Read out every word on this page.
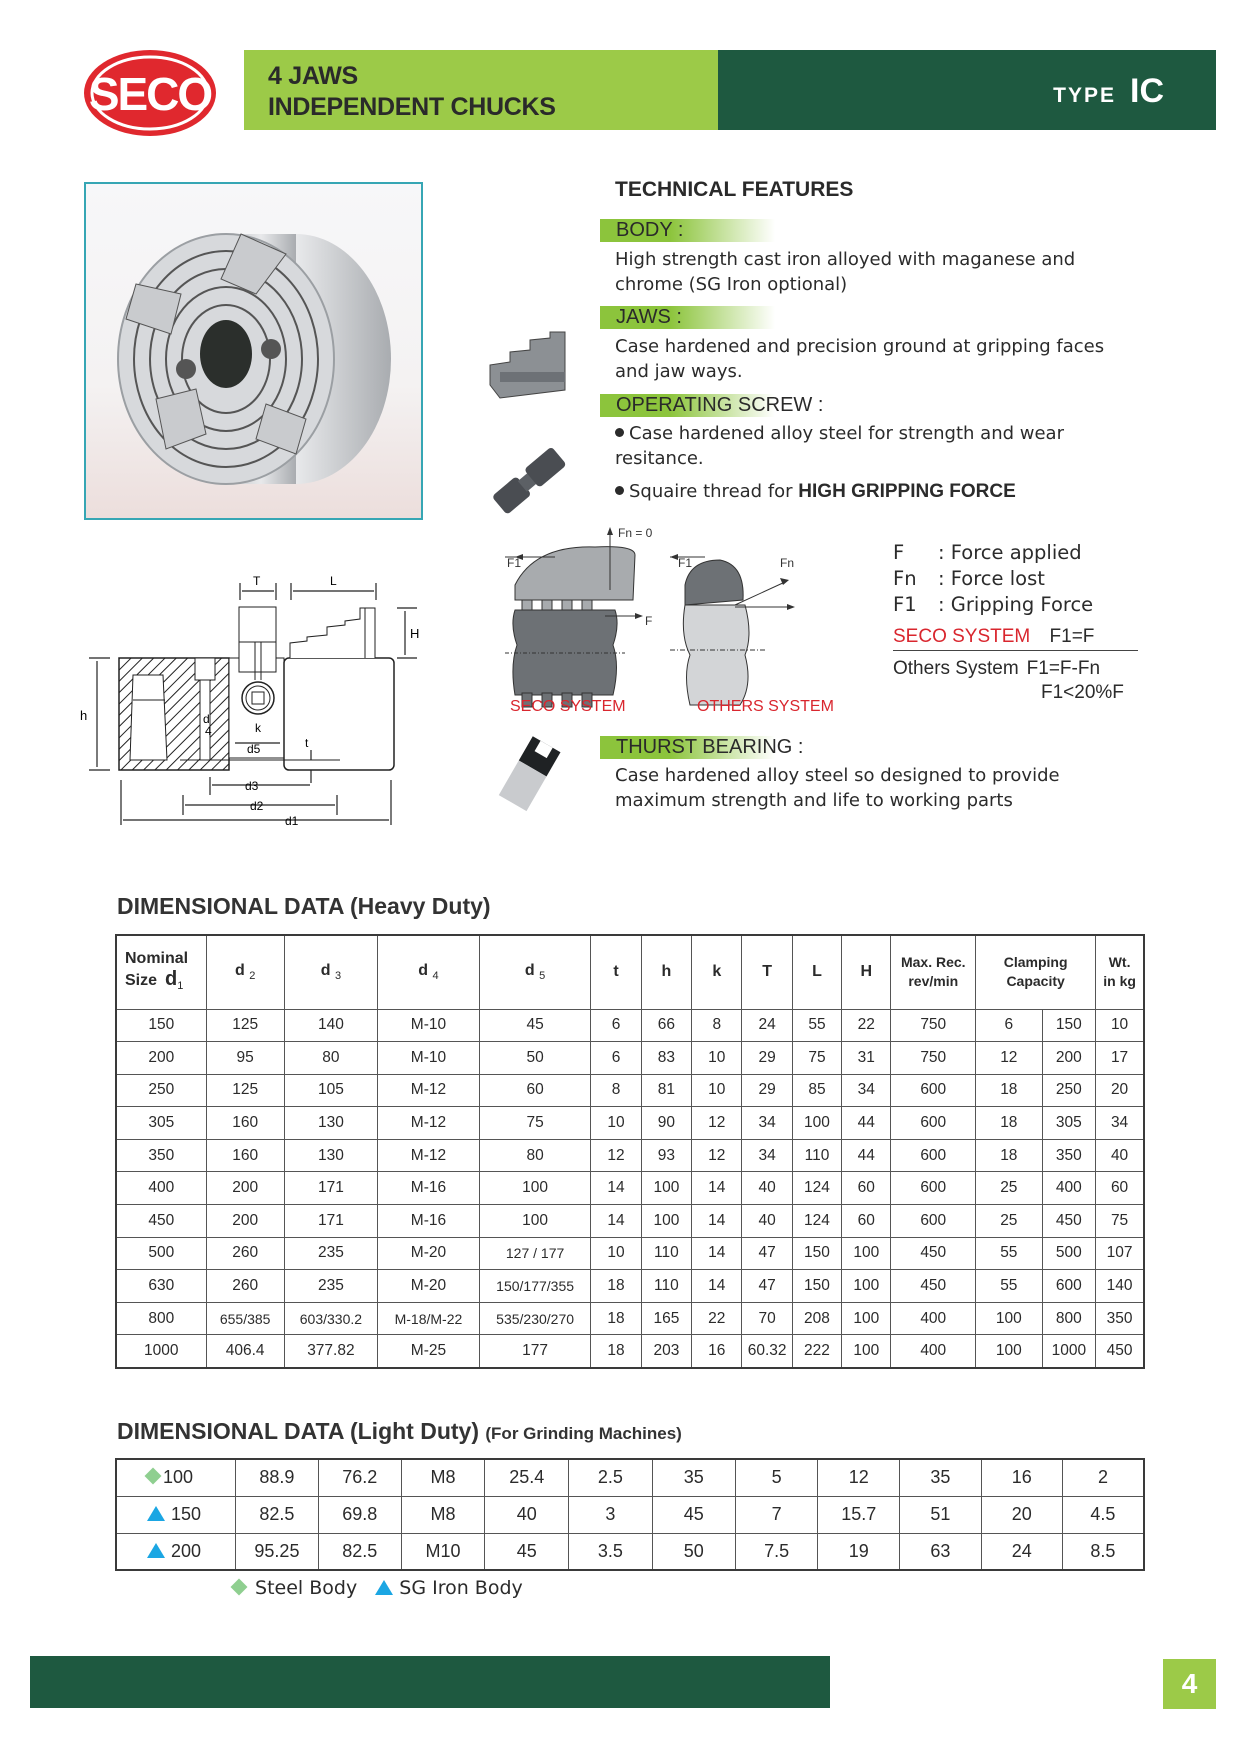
SECO 4 JAWS
INDEPENDENT CHUCKS	TYPE IC
TECHNICAL FEATURES
BODY :
High strength cast iron alloyed with maganese and
chrome (SG Iron optional)
JAWS :
Case hardened and precision ground at gripping faces
and jaw ways.
OPERATING SCREW :
Case hardened alloy steel for strength and wear
resitance.
Squaire thread for HIGH GRIPPING FORCE
F1
Fn = 0
F
F1	Fn
SECO SYSTEM	OTHERS SYSTEM
F	: Force applied
Fn	: Force lost
F1	: Gripping Force
SECO SYSTEM F1=F
Others System F1=F-Fn
F1<20%F
THURST BEARING :
Case hardened alloy steel so designed to provide
maximum strength and life to working parts
T	L
H
h	d
4	k
d5	t
d3
d2
d1
DIMENSIONAL DATA (Heavy Duty)
Nominal
Size $d_1$
	d $_2$	d $_3$	d $_4$	d $_5$	t	h	k	T	L	H	
Max. Rec.
rev/min

Clamping
Capacity

Wt.
in kg

150	125	140	M-10	45	6	66	8	24	55	22	750	6	150	10
200	95	80	M-10	50	6	83	10	29	75	31	750	12	200	17
250	125	105	M-12	60	8	81	10	29	85	34	600	18	250	20
305	160	130	M-12	75	10	90	12	34	100	44	600	18	305	34
350	160	130	M-12	80	12	93	12	34	110	44	600	18	350	40
400	200	171	M-16	100	14	100	14	40	124	60	600	25	400	60
450	200	171	M-16	100	14	100	14	40	124	60	600	25	450	75
500	260	235	M-20	127 / 177	10	110	14	47	150	100	450	55	500	107
630	260	235	M-20	150/177/355	18	110	14	47	150	100	450	55	600	140
800	655/385	603/330.2	M-18/M-22	535/230/270	18	165	22	70	208	100	400	100	800	350
1000	406.4	377.82	M-25	177	18	203	16	60.32	222	100	400	100	1000	450
DIMENSIONAL DATA (Light Duty) (For Grinding Machines)
100	88.9	76.2	M8	25.4	2.5	35	5	12	35	16	2
150	82.5	69.8	M8	40	3	45	7	15.7	51	20	4.5
200	95.25	82.5	M10	45	3.5	50	7.5	19	63	24	8.5
Steel Body SG Iron Body
4
